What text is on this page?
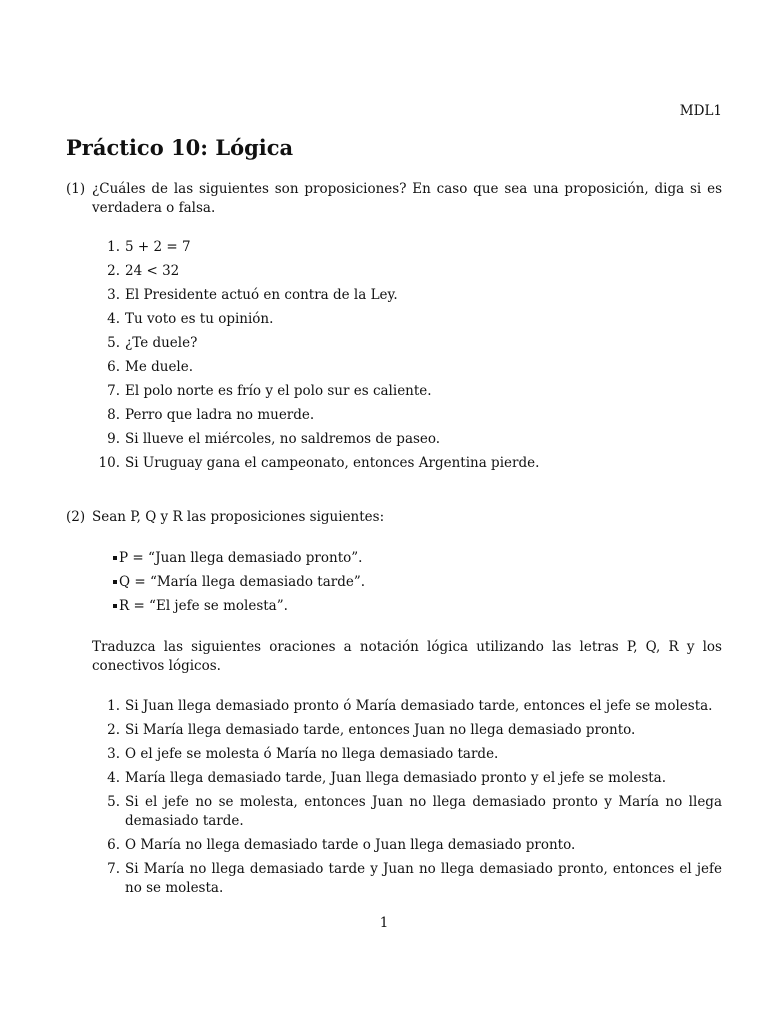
MDL1
Práctico 10: Lógica
(1) ¿Cuáles de las siguientes son proposiciones? En caso que sea una proposición, diga si es verdadera o falsa.
1. 5 + 2 = 7
2. 24 < 32
3. El Presidente actuó en contra de la Ley.
4. Tu voto es tu opinión.
5. ¿Te duele?
6. Me duele.
7. El polo norte es frío y el polo sur es caliente.
8. Perro que ladra no muerde.
9. Si llueve el miércoles, no saldremos de paseo.
10. Si Uruguay gana el campeonato, entonces Argentina pierde.
(2) Sean P, Q y R las proposiciones siguientes:
P = “Juan llega demasiado pronto”.
Q = “María llega demasiado tarde”.
R = “El jefe se molesta”.
Traduzca las siguientes oraciones a notación lógica utilizando las letras P, Q, R y los conectivos lógicos.
1. Si Juan llega demasiado pronto ó María demasiado tarde, entonces el jefe se molesta.
2. Si María llega demasiado tarde, entonces Juan no llega demasiado pronto.
3. O el jefe se molesta ó María no llega demasiado tarde.
4. María llega demasiado tarde, Juan llega demasiado pronto y el jefe se molesta.
5. Si el jefe no se molesta, entonces Juan no llega demasiado pronto y María no llega demasiado tarde.
6. O María no llega demasiado tarde o Juan llega demasiado pronto.
7. Si María no llega demasiado tarde y Juan no llega demasiado pronto, entonces el jefe no se molesta.
1
